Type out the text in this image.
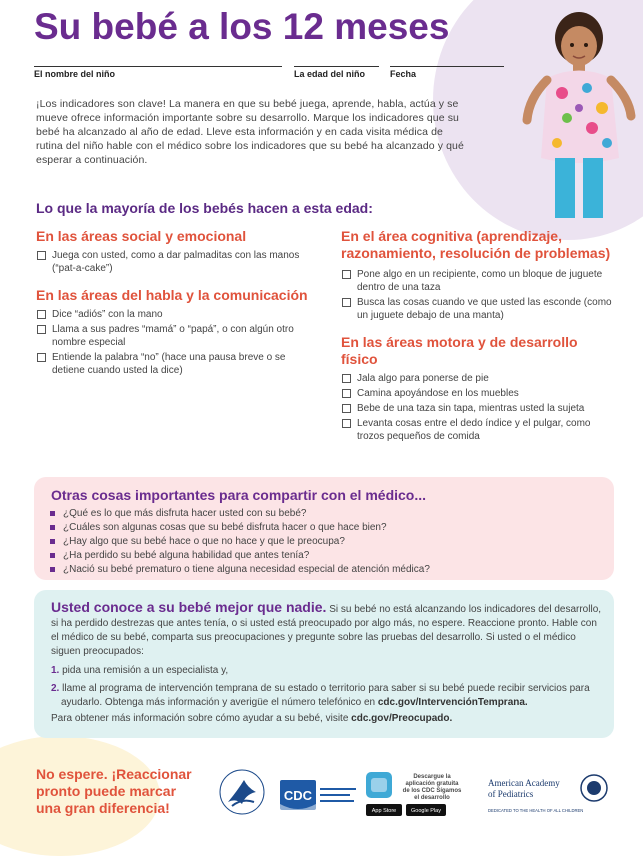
Su bebé a los 12 meses
El nombre del niño	La edad del niño	Fecha

¡Los indicadores son clave! La manera en que su bebé juega, aprende, habla, actúa y se mueve ofrece información importante sobre su desarrollo. Marque los indicadores que su bebé ha alcanzado al año de edad. Lleve esta información y en cada visita médica de rutina del niño hable con el médico sobre los indicadores que su bebé ha alcanzado y qué esperar a continuación.

Lo que la mayoría de los bebés hacen a esta edad:
En las áreas social y emocional
Juega con usted, como a dar palmaditas con las manos (“pat-a-cake”)
En las áreas del habla y la comunicación
Dice “adiós” con la mano
Llama a sus padres “mamá” o “papá”, o con algún otro nombre especial
Entiende la palabra “no” (hace una pausa breve o se detiene cuando usted la dice)
En el área cognitiva (aprendizaje, razonamiento, resolución de problemas)
Pone algo en un recipiente, como un bloque de juguete dentro de una taza
Busca las cosas cuando ve que usted las esconde (como un juguete debajo de una manta)
En las áreas motora y de desarrollo físico
Jala algo para ponerse de pie
Camina apoyándose en los muebles
Bebe de una taza sin tapa, mientras usted la sujeta
Levanta cosas entre el dedo índice y el pulgar, como trozos pequeños de comida
Otras cosas importantes para compartir con el médico...
¿Qué es lo que más disfruta hacer usted con su bebé?
¿Cuáles son algunas cosas que su bebé disfruta hacer o que hace bien?
¿Hay algo que su bebé hace o que no hace y que le preocupa?
¿Ha perdido su bebé alguna habilidad que antes tenía?
¿Nació su bebé prematuro o tiene alguna necesidad especial de atención médica?
Usted conoce a su bebé mejor que nadie. Si su bebé no está alcanzando los indicadores del desarrollo, si ha perdido destrezas que antes tenía, o si usted está preocupado por algo más, no espere. Reaccione pronto. Hable con el médico de su bebé, comparta sus preocupaciones y pregunte sobre las pruebas del desarrollo. Si usted o el médico siguen preocupados:
1. pida una remisión a un especialista y,
2. llame al programa de intervención temprana de su estado o territorio para saber si su bebé puede recibir servicios para ayudarlo. Obtenga más información y averigüe el número telefónico en cdc.gov/IntervenciónTemprana.
Para obtener más información sobre cómo ayudar a su bebé, visite cdc.gov/Preocupado.
No espere. ¡Reaccionar
pronto puede marcar
una gran diferencia!
CDC
Descargue la
aplicación gratuita
de los CDC Sígamos
el desarrollo
App Store	Google Play
American Academy
of Pediatrics
DEDICATED TO THE HEALTH OF ALL CHILDREN
